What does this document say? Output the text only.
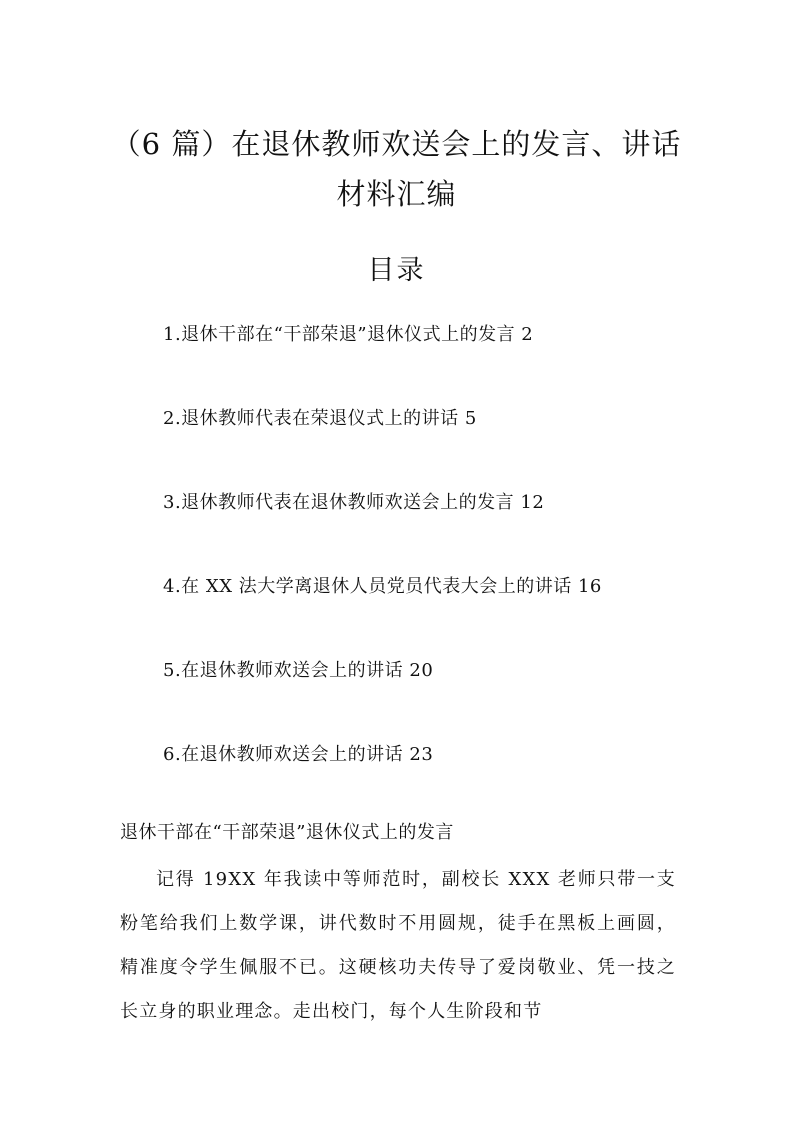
（6 篇）在退休教师欢送会上的发言、讲话
材料汇编
目录
1.退休干部在“干部荣退”退休仪式上的发言 2
2.退休教师代表在荣退仪式上的讲话 5
3.退休教师代表在退休教师欢送会上的发言 12
4.在 XX 法大学离退休人员党员代表大会上的讲话 16
5.在退休教师欢送会上的讲话 20
6.在退休教师欢送会上的讲话 23
退休干部在“干部荣退”退休仪式上的发言

记得 19XX 年我读中等师范时，副校长 XXX 老师只带一支粉笔给我们上数学课，讲代数时不用圆规，徒手在黑板上画圆，精准度令学生佩服不已。这硬核功夫传导了爱岗敬业、凭一技之长立身的职业理念。走出校门，每个人生阶段和节
